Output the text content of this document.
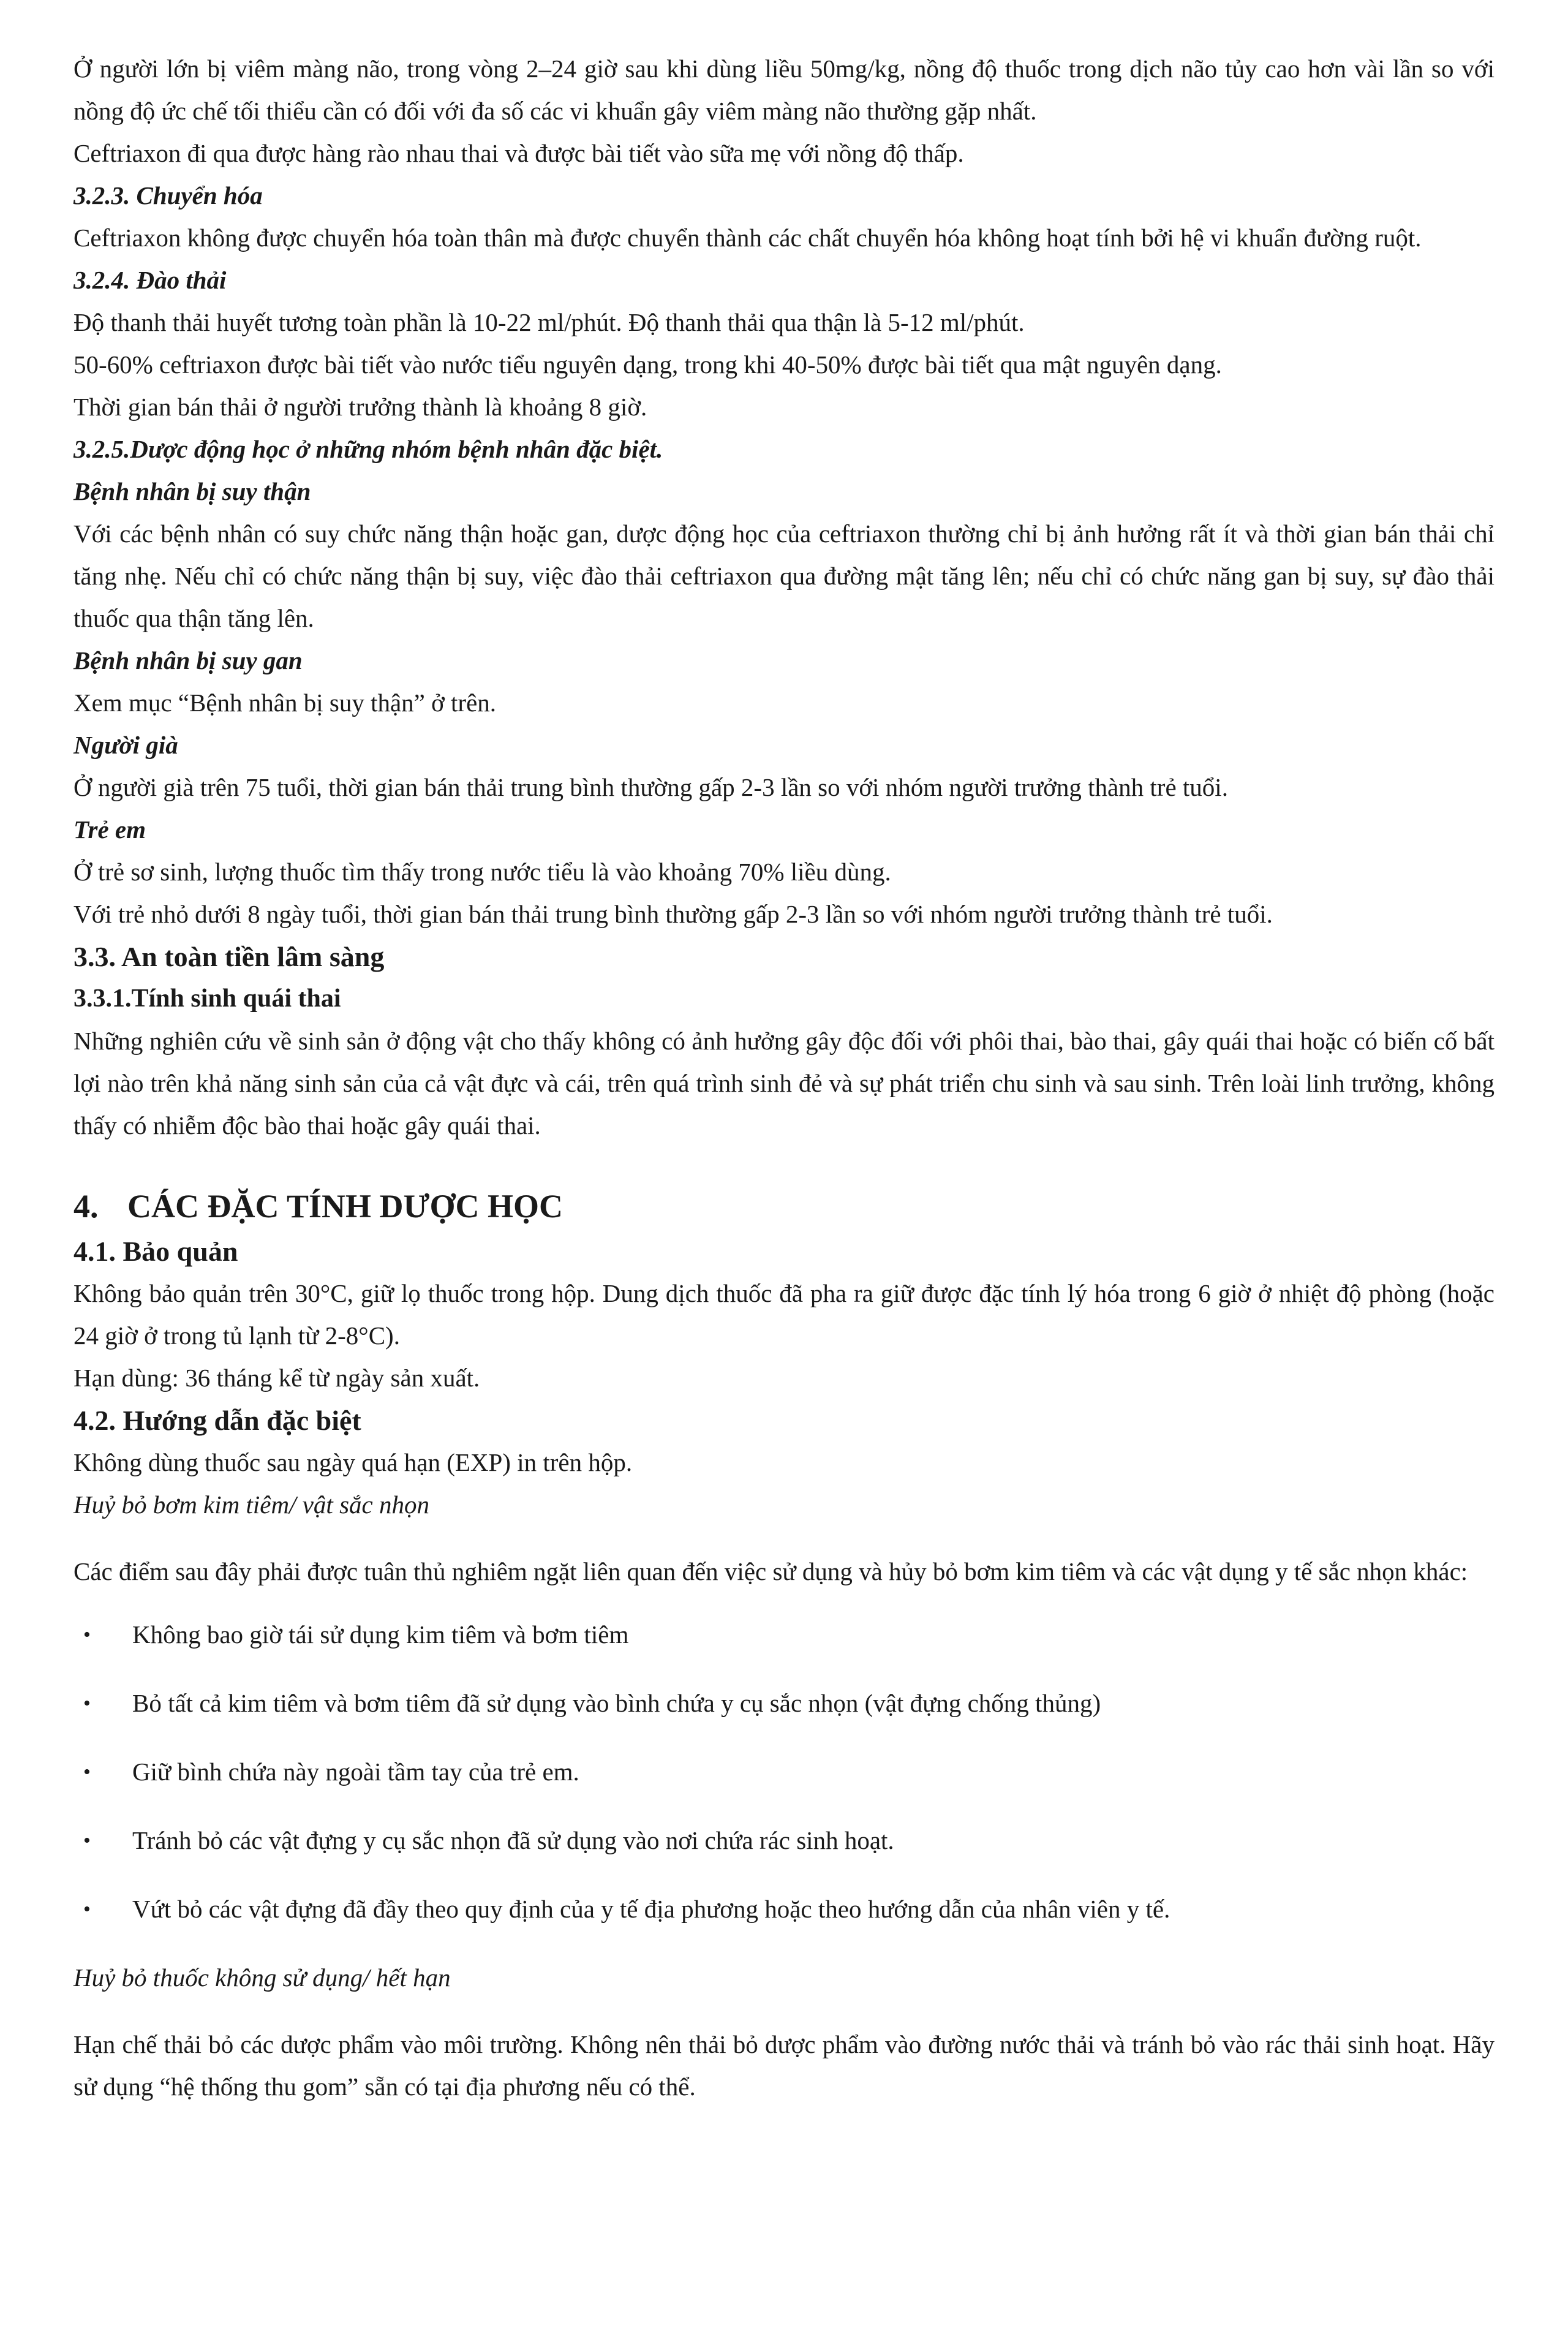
Ở người lớn bị viêm màng não, trong vòng 2–24 giờ sau khi dùng liều 50mg/kg, nồng độ thuốc trong dịch não tủy cao hơn vài lần so với nồng độ ức chế tối thiểu cần có đối với đa số các vi khuẩn gây viêm màng não thường gặp nhất.

Ceftriaxon đi qua được hàng rào nhau thai và được bài tiết vào sữa mẹ với nồng độ thấp.

3.2.3. Chuyển hóa

Ceftriaxon không được chuyển hóa toàn thân mà được chuyển thành các chất chuyển hóa không hoạt tính bởi hệ vi khuẩn đường ruột.

3.2.4. Đào thải

Độ thanh thải huyết tương toàn phần là 10-22 ml/phút. Độ thanh thải qua thận là 5-12 ml/phút.

50-60% ceftriaxon được bài tiết vào nước tiểu nguyên dạng, trong khi 40-50% được bài tiết qua mật nguyên dạng.

Thời gian bán thải ở người trưởng thành là khoảng 8 giờ.

3.2.5.Dược động học ở những nhóm bệnh nhân đặc biệt.
Bệnh nhân bị suy thận

Với các bệnh nhân có suy chức năng thận hoặc gan, dược động học của ceftriaxon thường chỉ bị ảnh hưởng rất ít và thời gian bán thải chỉ tăng nhẹ. Nếu chỉ có chức năng thận bị suy, việc đào thải ceftriaxon qua đường mật tăng lên; nếu chỉ có chức năng gan bị suy, sự đào thải thuốc qua thận tăng lên.

Bệnh nhân bị suy gan

Xem mục “Bệnh nhân bị suy thận” ở trên.

Người già

Ở người già trên 75 tuổi, thời gian bán thải trung bình thường gấp 2-3 lần so với nhóm người trưởng thành trẻ tuổi.

Trẻ em

Ở trẻ sơ sinh, lượng thuốc tìm thấy trong nước tiểu là vào khoảng 70% liều dùng.

Với trẻ nhỏ dưới 8 ngày tuổi, thời gian bán thải trung bình thường gấp 2-3 lần so với nhóm người trưởng thành trẻ tuổi.

3.3. An toàn tiền lâm sàng
3.3.1.Tính sinh quái thai

Những nghiên cứu về sinh sản ở động vật cho thấy không có ảnh hưởng gây độc đối với phôi thai, bào thai, gây quái thai hoặc có biến cố bất lợi nào trên khả năng sinh sản của cả vật đực và cái, trên quá trình sinh đẻ và sự phát triển chu sinh và sau sinh. Trên loài linh trưởng, không thấy có nhiễm độc bào thai hoặc gây quái thai.

4. CÁC ĐẶC TÍNH DƯỢC HỌC
4.1. Bảo quản

Không bảo quản trên 30°C, giữ lọ thuốc trong hộp. Dung dịch thuốc đã pha ra giữ được đặc tính lý hóa trong 6 giờ ở nhiệt độ phòng (hoặc 24 giờ ở trong tủ lạnh từ 2-8°C).

Hạn dùng: 36 tháng kể từ ngày sản xuất.

4.2. Hướng dẫn đặc biệt

Không dùng thuốc sau ngày quá hạn (EXP) in trên hộp.

Huỷ bỏ bơm kim tiêm/ vật sắc nhọn

Các điểm sau đây phải được tuân thủ nghiêm ngặt liên quan đến việc sử dụng và hủy bỏ bơm kim tiêm và các vật dụng y tế sắc nhọn khác:

• Không bao giờ tái sử dụng kim tiêm và bơm tiêm
• Bỏ tất cả kim tiêm và bơm tiêm đã sử dụng vào bình chứa y cụ sắc nhọn (vật đựng chống thủng)
• Giữ bình chứa này ngoài tầm tay của trẻ em.
• Tránh bỏ các vật đựng y cụ sắc nhọn đã sử dụng vào nơi chứa rác sinh hoạt.
• Vứt bỏ các vật đựng đã đầy theo quy định của y tế địa phương hoặc theo hướng dẫn của nhân viên y tế.

Huỷ bỏ thuốc không sử dụng/ hết hạn

Hạn chế thải bỏ các dược phẩm vào môi trường. Không nên thải bỏ dược phẩm vào đường nước thải và tránh bỏ vào rác thải sinh hoạt. Hãy sử dụng “hệ thống thu gom” sẵn có tại địa phương nếu có thể.
